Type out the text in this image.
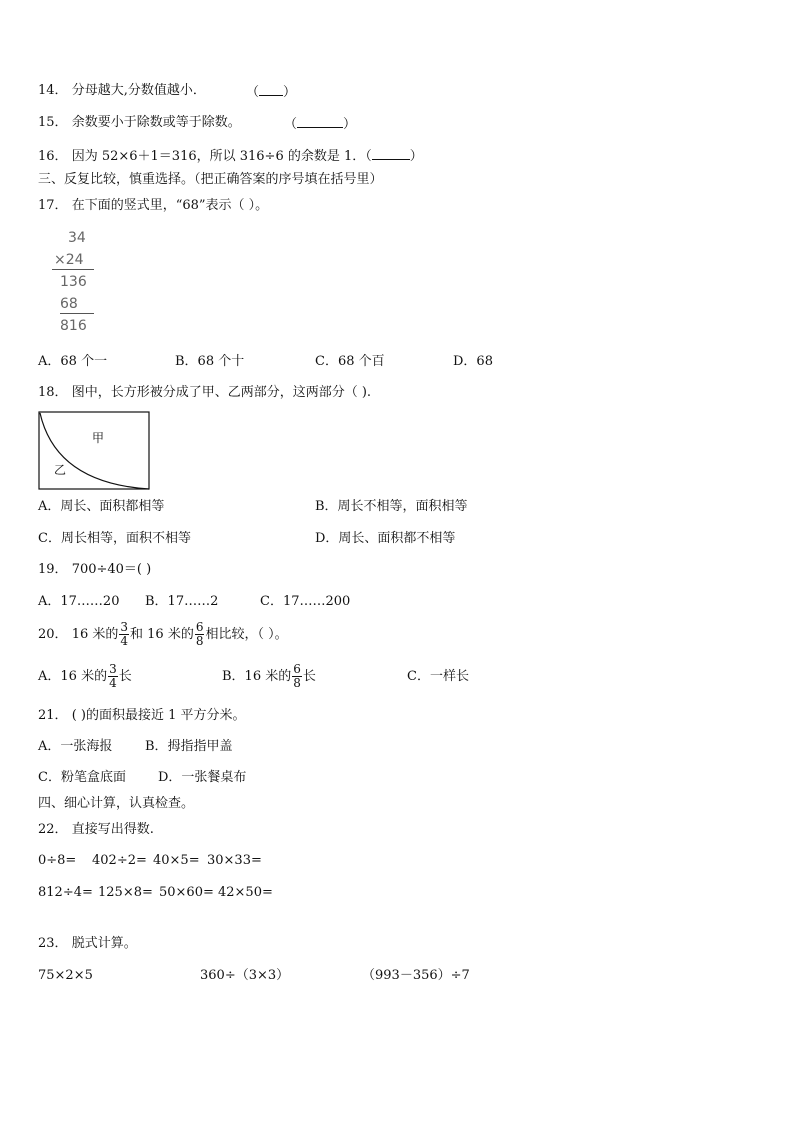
14． 分母越大,分数值越小．	（ ）
15． 余数要小于除数或等于除数。	（	）
16． 因为 52×6＋1＝316，所以 316÷6 的余数是 1．（	）
三、反复比较，慎重选择。（把正确答案的序号填在括号里）
17． 在下面的竖式里，“68”表示（ ）。
34
×24
136
68
816
A．68 个一	B．68 个十	C．68 个百	D．68
18． 图中，长方形被分成了甲、乙两部分，这两部分（ ).
甲
乙
A．周长、面积都相等	B．周长不相等，面积相等
C．周长相等，面积不相等	D．周长、面积都不相等
19． 700÷40＝( )
A．17……20 B．17……2	C．17……200
20． 16 米的 $\frac{3}{4}$ 和 16 米的 $\frac{6}{8}$ 相比较，（ ）。
A．16 米的 $\frac{3}{4}$ 长	B．16 米的 $\frac{6}{8}$ 长	C．一样长
21． ( )的面积最接近 1 平方分米。
A．一张海报	B．拇指指甲盖
C．粉笔盒底面 D．一张餐桌布
四、细心计算，认真检查。
22． 直接写出得数.
0÷8= 402÷2= 40×5= 30×33=
812÷4= 125×8= 50×60= 42×50=
23． 脱式计算。
75×2×5	360÷（3×3）	（993－356）÷7
